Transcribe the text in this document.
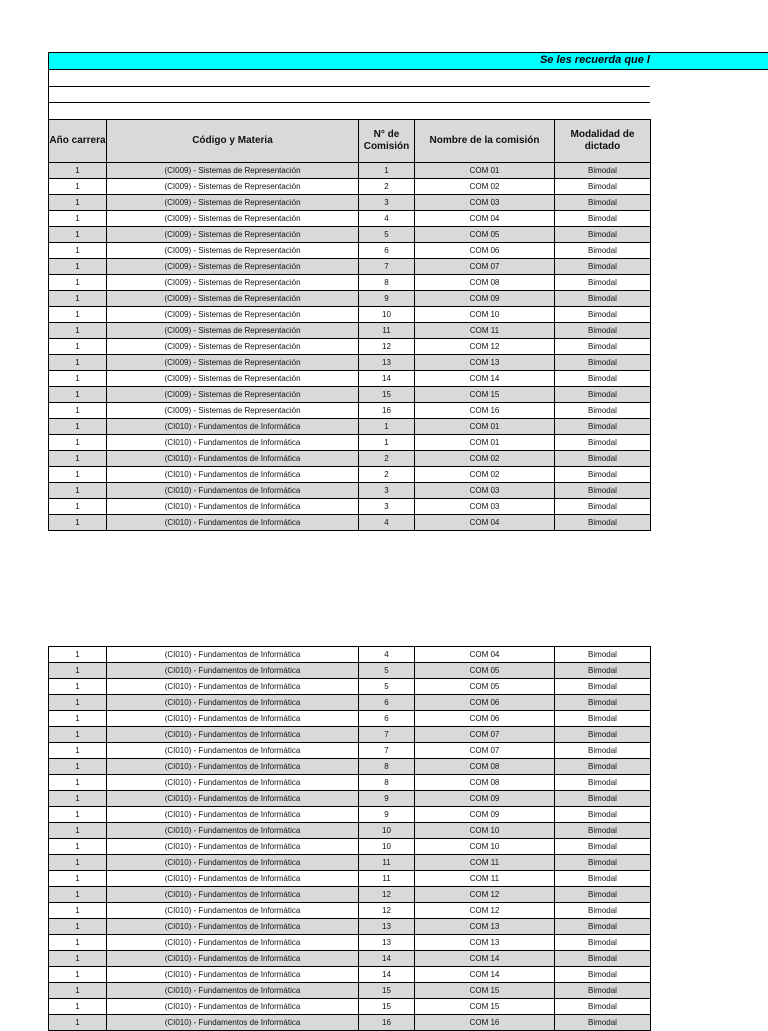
Se les recuerda que l
Año carrera	Código y Materia	N° de Comisión	Nombre de la comisión	Modalidad de dictado
1	(CI009) - Sistemas de Representación	1	COM 01	Bimodal
1	(CI009) - Sistemas de Representación	2	COM 02	Bimodal
1	(CI009) - Sistemas de Representación	3	COM 03	Bimodal
1	(CI009) - Sistemas de Representación	4	COM 04	Bimodal
1	(CI009) - Sistemas de Representación	5	COM 05	Bimodal
1	(CI009) - Sistemas de Representación	6	COM 06	Bimodal
1	(CI009) - Sistemas de Representación	7	COM 07	Bimodal
1	(CI009) - Sistemas de Representación	8	COM 08	Bimodal
1	(CI009) - Sistemas de Representación	9	COM 09	Bimodal
1	(CI009) - Sistemas de Representación	10	COM 10	Bimodal
1	(CI009) - Sistemas de Representación	11	COM 11	Bimodal
1	(CI009) - Sistemas de Representación	12	COM 12	Bimodal
1	(CI009) - Sistemas de Representación	13	COM 13	Bimodal
1	(CI009) - Sistemas de Representación	14	COM 14	Bimodal
1	(CI009) - Sistemas de Representación	15	COM 15	Bimodal
1	(CI009) - Sistemas de Representación	16	COM 16	Bimodal
1	(CI010) - Fundamentos de Informática	1	COM 01	Bimodal
1	(CI010) - Fundamentos de Informática	1	COM 01	Bimodal
1	(CI010) - Fundamentos de Informática	2	COM 02	Bimodal
1	(CI010) - Fundamentos de Informática	2	COM 02	Bimodal
1	(CI010) - Fundamentos de Informática	3	COM 03	Bimodal
1	(CI010) - Fundamentos de Informática	3	COM 03	Bimodal
1	(CI010) - Fundamentos de Informática	4	COM 04	Bimodal
1	(CI010) - Fundamentos de Informática	4	COM 04	Bimodal
1	(CI010) - Fundamentos de Informática	5	COM 05	Bimodal
1	(CI010) - Fundamentos de Informática	5	COM 05	Bimodal
1	(CI010) - Fundamentos de Informática	6	COM 06	Bimodal
1	(CI010) - Fundamentos de Informática	6	COM 06	Bimodal
1	(CI010) - Fundamentos de Informática	7	COM 07	Bimodal
1	(CI010) - Fundamentos de Informática	7	COM 07	Bimodal
1	(CI010) - Fundamentos de Informática	8	COM 08	Bimodal
1	(CI010) - Fundamentos de Informática	8	COM 08	Bimodal
1	(CI010) - Fundamentos de Informática	9	COM 09	Bimodal
1	(CI010) - Fundamentos de Informática	9	COM 09	Bimodal
1	(CI010) - Fundamentos de Informática	10	COM 10	Bimodal
1	(CI010) - Fundamentos de Informática	10	COM 10	Bimodal
1	(CI010) - Fundamentos de Informática	11	COM 11	Bimodal
1	(CI010) - Fundamentos de Informática	11	COM 11	Bimodal
1	(CI010) - Fundamentos de Informática	12	COM 12	Bimodal
1	(CI010) - Fundamentos de Informática	12	COM 12	Bimodal
1	(CI010) - Fundamentos de Informática	13	COM 13	Bimodal
1	(CI010) - Fundamentos de Informática	13	COM 13	Bimodal
1	(CI010) - Fundamentos de Informática	14	COM 14	Bimodal
1	(CI010) - Fundamentos de Informática	14	COM 14	Bimodal
1	(CI010) - Fundamentos de Informática	15	COM 15	Bimodal
1	(CI010) - Fundamentos de Informática	15	COM 15	Bimodal
1	(CI010) - Fundamentos de Informática	16	COM 16	Bimodal
